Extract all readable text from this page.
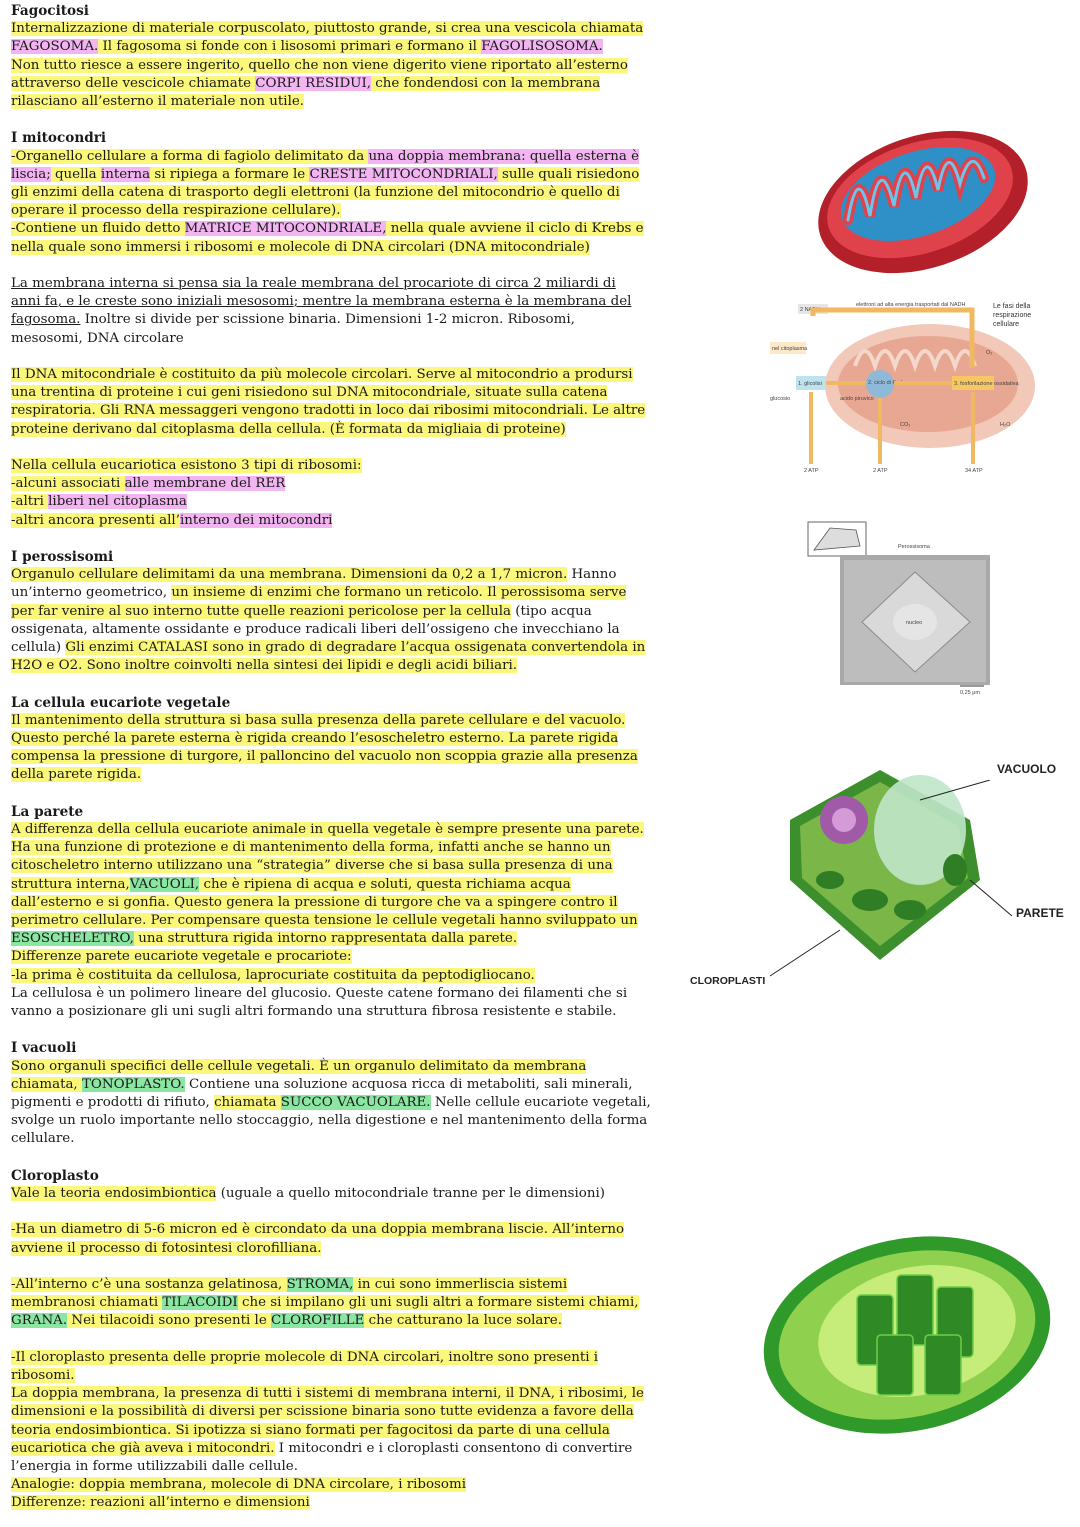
Fagocitosi

Internalizzazione di materiale corpuscolato, piuttosto grande, si crea una vescicola chiamata

FAGOSOMA. Il fagosoma si fonde con i lisosomi primari e formano il FAGOLISOSOMA.

Non tutto riesce a essere ingerito, quello che non viene digerito viene riportato all’esterno

attraverso delle vescicole chiamate CORPI RESIDUI, che fondendosi con la membrana

rilasciano all’esterno il materiale non utile.

I mitocondri

-Organello cellulare a forma di fagiolo delimitato da una doppia membrana: quella esterna è

liscia; quella interna si ripiega a formare le CRESTE MITOCONDRIALI, sulle quali risiedono

gli enzimi della catena di trasporto degli elettroni (la funzione del mitocondrio è quello di

operare il processo della respirazione cellulare).

-Contiene un fluido detto MATRICE MITOCONDRIALE, nella quale avviene il ciclo di Krebs e

nella quale sono immersi i ribosomi e molecole di DNA circolari (DNA mitocondriale)

La membrana interna si pensa sia la reale membrana del procariote di circa 2 miliardi di

anni fa, e le creste sono iniziali mesosomi; mentre la membrana esterna è la membrana del

fagosoma. Inoltre si divide per scissione binaria. Dimensioni 1-2 micron. Ribosomi,

mesosomi, DNA circolare

Il DNA mitocondriale è costituito da più molecole circolari. Serve al mitocondrio a prodursi

una trentina di proteine i cui geni risiedono sul DNA mitocondriale, situate sulla catena

respiratoria. Gli RNA messaggeri vengono tradotti in loco dai ribosimi mitocondriali. Le altre

proteine derivano dal citoplasma della cellula. (È formata da migliaia di proteine)

Nella cellula eucariotica esistono 3 tipi di ribosomi:

-alcuni associati alle membrane del RER

-altri liberi nel citoplasma

-altri ancora presenti all’interno dei mitocondri

I perossisomi

Organulo cellulare delimitami da una membrana. Dimensioni da 0,2 a 1,7 micron. Hanno

un’interno geometrico, un insieme di enzimi che formano un reticolo. Il perossisoma serve

per far venire al suo interno tutte quelle reazioni pericolose per la cellula (tipo acqua

ossigenata, altamente ossidante e produce radicali liberi dell’ossigeno che invecchiano la

cellula) Gli enzimi CATALASI sono in grado di degradare l’acqua ossigenata convertendola in

H2O e O2. Sono inoltre coinvolti nella sintesi dei lipidi e degli acidi biliari.

La cellula eucariote vegetale

Il mantenimento della struttura si basa sulla presenza della parete cellulare e del vacuolo.

Questo perché la parete esterna è rigida creando l’esoscheletro esterno. La parete rigida

compensa la pressione di turgore, il palloncino del vacuolo non scoppia grazie alla presenza

della parete rigida.

La parete

A differenza della cellula eucariote animale in quella vegetale è sempre presente una parete.

Ha una funzione di protezione e di mantenimento della forma, infatti anche se hanno un

citoscheletro interno utilizzano una “strategia” diverse che si basa sulla presenza di una

struttura interna,VACUOLI, che è ripiena di acqua e soluti, questa richiama acqua

dall’esterno e si gonfia. Questo genera la pressione di turgore che va a spingere contro il

perimetro cellulare. Per compensare questa tensione le cellule vegetali hanno sviluppato un

ESOSCHELETRO, una struttura rigida intorno rappresentata dalla parete.

Differenze parete eucariote vegetale e procariote:

-la prima è costituita da cellulosa, laprocuriate costituita da peptodigliocano.

La cellulosa è un polimero lineare del glucosio. Queste catene formano dei filamenti che si

vanno a posizionare gli uni sugli altri formando una struttura fibrosa resistente e stabile.

I vacuoli

Sono organuli specifici delle cellule vegetali. È un organulo delimitato da membrana

chiamata, TONOPLASTO. Contiene una soluzione acquosa ricca di metaboliti, sali minerali,

pigmenti e prodotti di rifiuto, chiamata SUCCO VACUOLARE. Nelle cellule eucariote vegetali,

svolge un ruolo importante nello stoccaggio, nella digestione e nel mantenimento della forma

cellulare.

Cloroplasto

Vale la teoria endosimbiontica (uguale a quello mitocondriale tranne per le dimensioni)

-Ha un diametro di 5-6 micron ed è circondato da una doppia membrana liscie. All’interno

avviene il processo di fotosintesi clorofilliana.

-All’interno c’è una sostanza gelatinosa, STROMA, in cui sono immerliscia sistemi

membranosi chiamati TILACOIDI che si impilano gli uni sugli altri a formare sistemi chiami,

GRANA. Nei tilacoidi sono presenti le CLOROFILLE che catturano la luce solare.

-Il cloroplasto presenta delle proprie molecole di DNA circolari, inoltre sono presenti i

ribosomi.

La doppia membrana, la presenza di tutti i sistemi di membrana interni, il DNA, i ribosimi, le

dimensioni e la possibilità di diversi per scissione binaria sono tutte evidenza a favore della

teoria endosimbiontica. Si ipotizza si siano formati per fagocitosi da parte di una cellula

eucariotica che già aveva i mitocondri. I mitocondri e i cloroplasti consentono di convertire

l’energia in forme utilizzabili dalle cellule.

Analogie: doppia membrana, molecole di DNA circolare, i ribosomi

Differenze: reazioni all’interno e dimensioni

nel citoplasma
2 NADH
elettroni ad alta energia trasportati dal NADH
1. glicolisi
glucosio
2. ciclo di Krebs
acido piruvico
3. fosforilazione ossidativa
2 ATP	2 ATP	34 ATP
CO₂	H₂O
O₂
Le fasi della respirazione cellulare
nucleo
Perossisoma
0,25 μm
VACUOLO
PARETE
CLOROPLASTI
